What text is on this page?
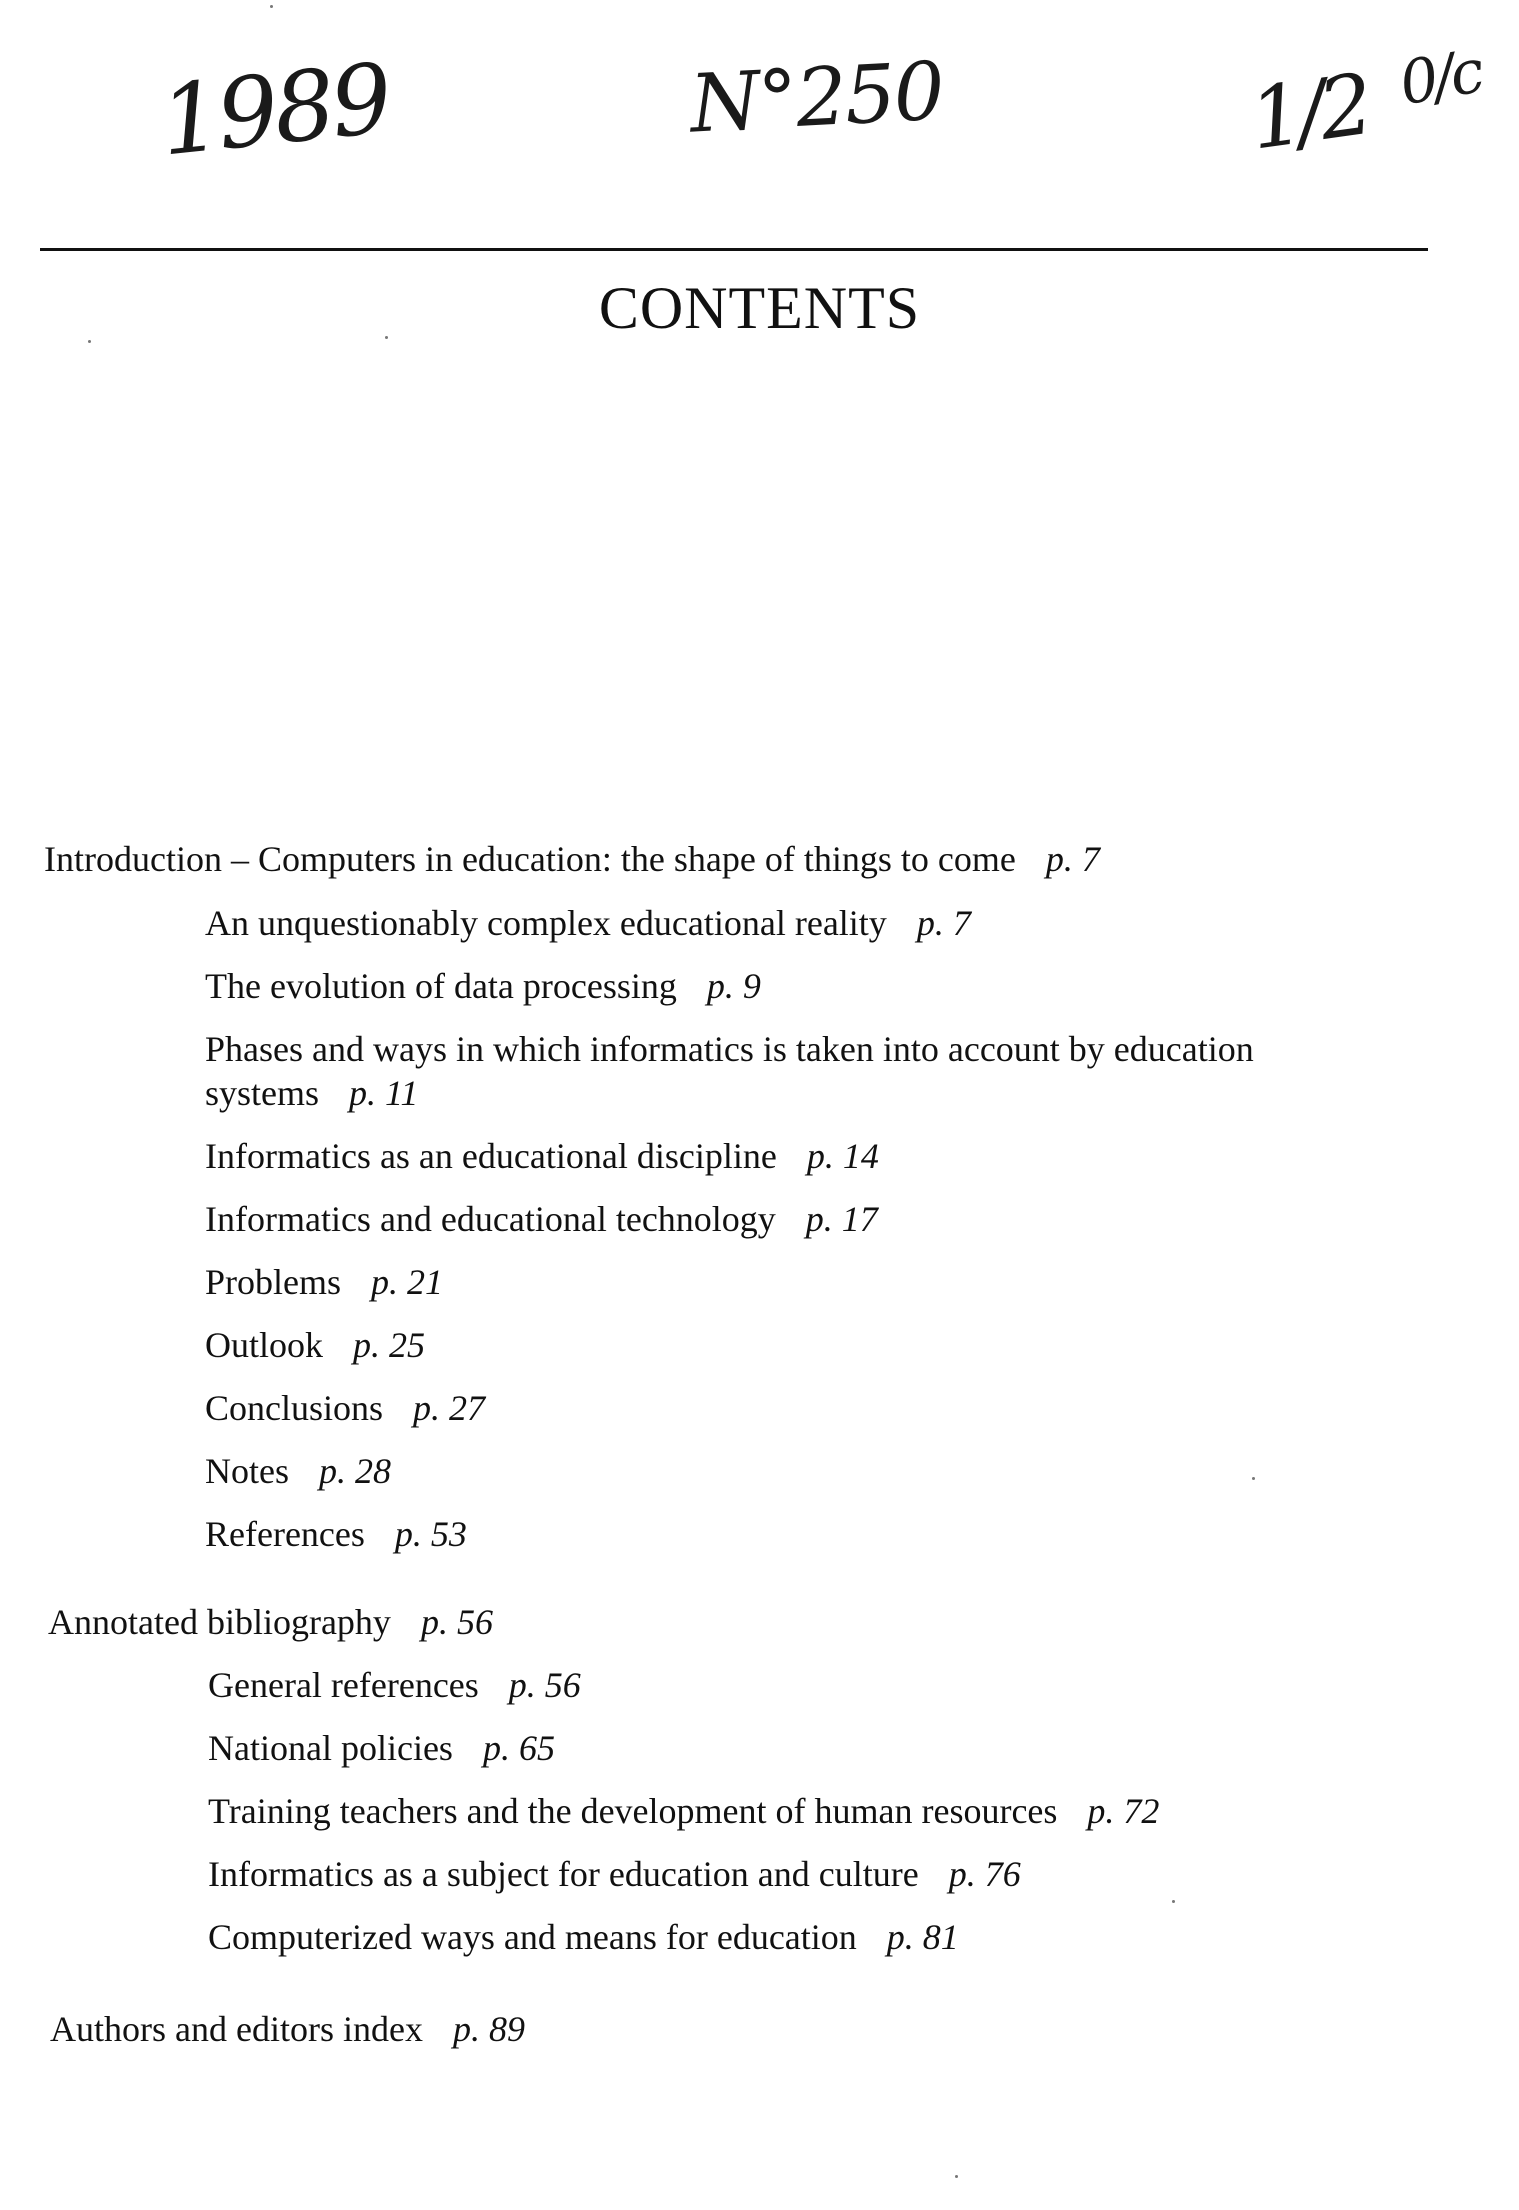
1989	N°250	1/2 0/c
CONTENTS
Introduction – Computers in education: the shape of things to come p. 7
An unquestionably complex educational reality p. 7
The evolution of data processing p. 9
Phases and ways in which informatics is taken into account by education systems p. 11
Informatics as an educational discipline p. 14
Informatics and educational technology p. 17
Problems p. 21
Outlook p. 25
Conclusions p. 27
Notes p. 28
References p. 53
Annotated bibliography p. 56
General references p. 56
National policies p. 65
Training teachers and the development of human resources p. 72
Informatics as a subject for education and culture p. 76
Computerized ways and means for education p. 81
Authors and editors index p. 89
